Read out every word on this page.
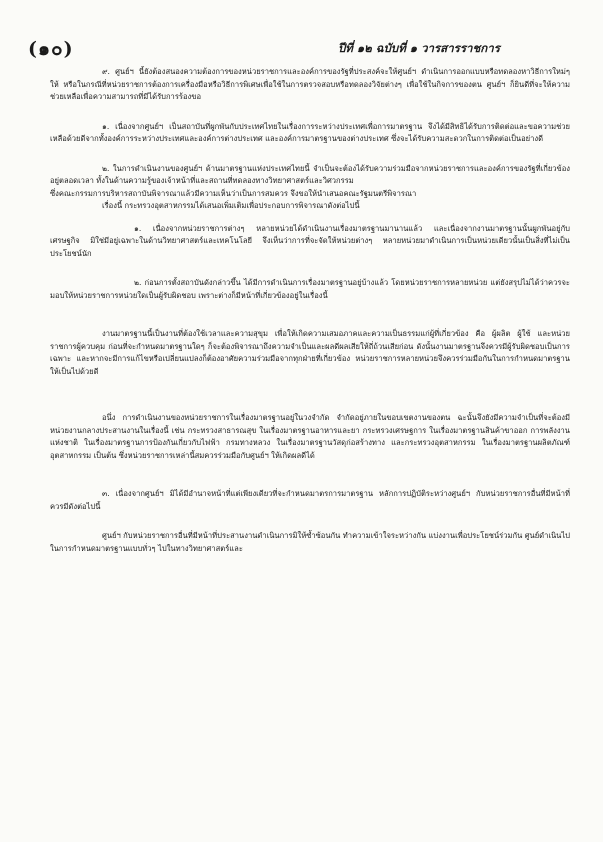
(๑๐)	ปีที่ ๑๒ ฉบับที่ ๑ วารสารราชการ

๙. ศูนย์ฯ นี้ยังต้องสนองความต้องการของหน่วยราชการและองค์การของรัฐที่ประสงค์จะให้ศูนย์ฯ ดำเนินการออกแบบหรือทดลองหาวิธีการใหม่ๆ ให้ หรือในกรณีที่หน่วยราชการต้องการเครื่องมือหรือวิธีการพิเศษเพื่อใช้ในการตรวจสอบหรือทดลองวิจัยต่างๆ เพื่อใช้ในกิจการของตน ศูนย์ฯ ก็ยินดีที่จะให้ความช่วยเหลือเพื่อความสามารถที่มีได้รับการร้องขอ

๑. เนื่องจากศูนย์ฯ เป็นสถาบันที่ผูกพันกับประเทศไทยในเรื่องการระหว่างประเทศเพื่อการมาตรฐาน จึงได้มีสิทธิได้รับการติดต่อและขอความช่วยเหลือด้วยดีจากทั้งองค์การระหว่างประเทศและองค์การต่างประเทศ และองค์การมาตรฐานของต่างประเทศ ซึ่งจะได้รับความสะดวกในการติดต่อเป็นอย่างดี

๒. ในการดำเนินงานของศูนย์ฯ ด้านมาตรฐานแห่งประเทศไทยนี้ จำเป็นจะต้องได้รับความร่วมมือจากหน่วยราชการและองค์การของรัฐที่เกี่ยวข้องอยู่ตลอดเวลา ทั้งในด้านความรู้ของเจ้าหน้าที่และสถานที่ทดลองทางวิทยาศาสตร์และวิศวกรรม

ซึ่งคณะกรรมการบริหารสถาบันพิจารณาแล้วมีความเห็นว่าเป็นการสมควร จึงขอให้นำเสนอคณะรัฐมนตรีพิจารณา

เรื่องนี้ กระทรวงอุตสาหกรรมได้เสนอเพิ่มเติมเพื่อประกอบการพิจารณาดังต่อไปนี้

๑. เนื่องจากหน่วยราชการต่างๆ หลายหน่วยได้ดำเนินงานเรื่องมาตรฐานมานานแล้ว และเนื่องจากงานมาตรฐานนั้นผูกพันอยู่กับเศรษฐกิจ มิใช่มีอยู่เฉพาะในด้านวิทยาศาสตร์และเทคโนโลยี จึงเห็นว่าการที่จะจัดให้หน่วยต่างๆ หลายหน่วยมาดำเนินการเป็นหน่วยเดียวนั้นเป็นสิ่งที่ไม่เป็นประโยชน์นัก

๒. ก่อนการตั้งสถาบันดังกล่าวขึ้น ได้มีการดำเนินการเรื่องมาตรฐานอยู่บ้างแล้ว โดยหน่วยราชการหลายหน่วย แต่ยังสรุปไม่ได้ว่าควรจะมอบให้หน่วยราชการหน่วยใดเป็นผู้รับผิดชอบ เพราะต่างก็มีหน้าที่เกี่ยวข้องอยู่ในเรื่องนี้

งานมาตรฐานนี้เป็นงานที่ต้องใช้เวลาและความสุขุม เพื่อให้เกิดความเสมอภาคและความเป็นธรรมแก่ผู้ที่เกี่ยวข้อง คือ ผู้ผลิต ผู้ใช้ และหน่วยราชการผู้ควบคุม ก่อนที่จะกำหนดมาตรฐานใดๆ ก็จะต้องพิจารณาถึงความจำเป็นและผลดีผลเสียให้ถี่ถ้วนเสียก่อน ดังนั้นงานมาตรฐานจึงควรมีผู้รับผิดชอบเป็นการเฉพาะ และหากจะมีการแก้ไขหรือเปลี่ยนแปลงก็ต้องอาศัยความร่วมมือจากทุกฝ่ายที่เกี่ยวข้อง หน่วยราชการหลายหน่วยจึงควรร่วมมือกันในการกำหนดมาตรฐานให้เป็นไปด้วยดี

อนึ่ง การดำเนินงานของหน่วยราชการในเรื่องมาตรฐานอยู่ในวงจำกัด จำกัดอยู่ภายในขอบเขตงานของตน ฉะนั้นจึงยังมีความจำเป็นที่จะต้องมีหน่วยงานกลางประสานงานในเรื่องนี้ เช่น กระทรวงสาธารณสุข ในเรื่องมาตรฐานอาหารและยา กระทรวงเศรษฐการ ในเรื่องมาตรฐานสินค้าขาออก การพลังงานแห่งชาติ ในเรื่องมาตรฐานการป้องกันเกี่ยวกับไฟฟ้า กรมทางหลวง ในเรื่องมาตรฐานวัสดุก่อสร้างทาง และกระทรวงอุตสาหกรรม ในเรื่องมาตรฐานผลิตภัณฑ์อุตสาหกรรม เป็นต้น ซึ่งหน่วยราชการเหล่านี้สมควรร่วมมือกับศูนย์ฯ ให้เกิดผลดีได้

๓. เนื่องจากศูนย์ฯ มิได้มีอำนาจหน้าที่แต่เพียงเดียวที่จะกำหนดมาตรการมาตรฐาน หลักการปฏิบัติระหว่างศูนย์ฯ กับหน่วยราชการอื่นที่มีหน้าที่ ควรมีดังต่อไปนี้

ศูนย์ฯ กับหน่วยราชการอื่นที่มีหน้าที่ประสานงานดำเนินการมิให้ซ้ำซ้อนกัน ทำความเข้าใจระหว่างกัน แบ่งงานเพื่อประโยชน์ร่วมกัน ศูนย์ดำเนินไปในการกำหนดมาตรฐานแบบทั่วๆ ไปในทางวิทยาศาสตร์และ
